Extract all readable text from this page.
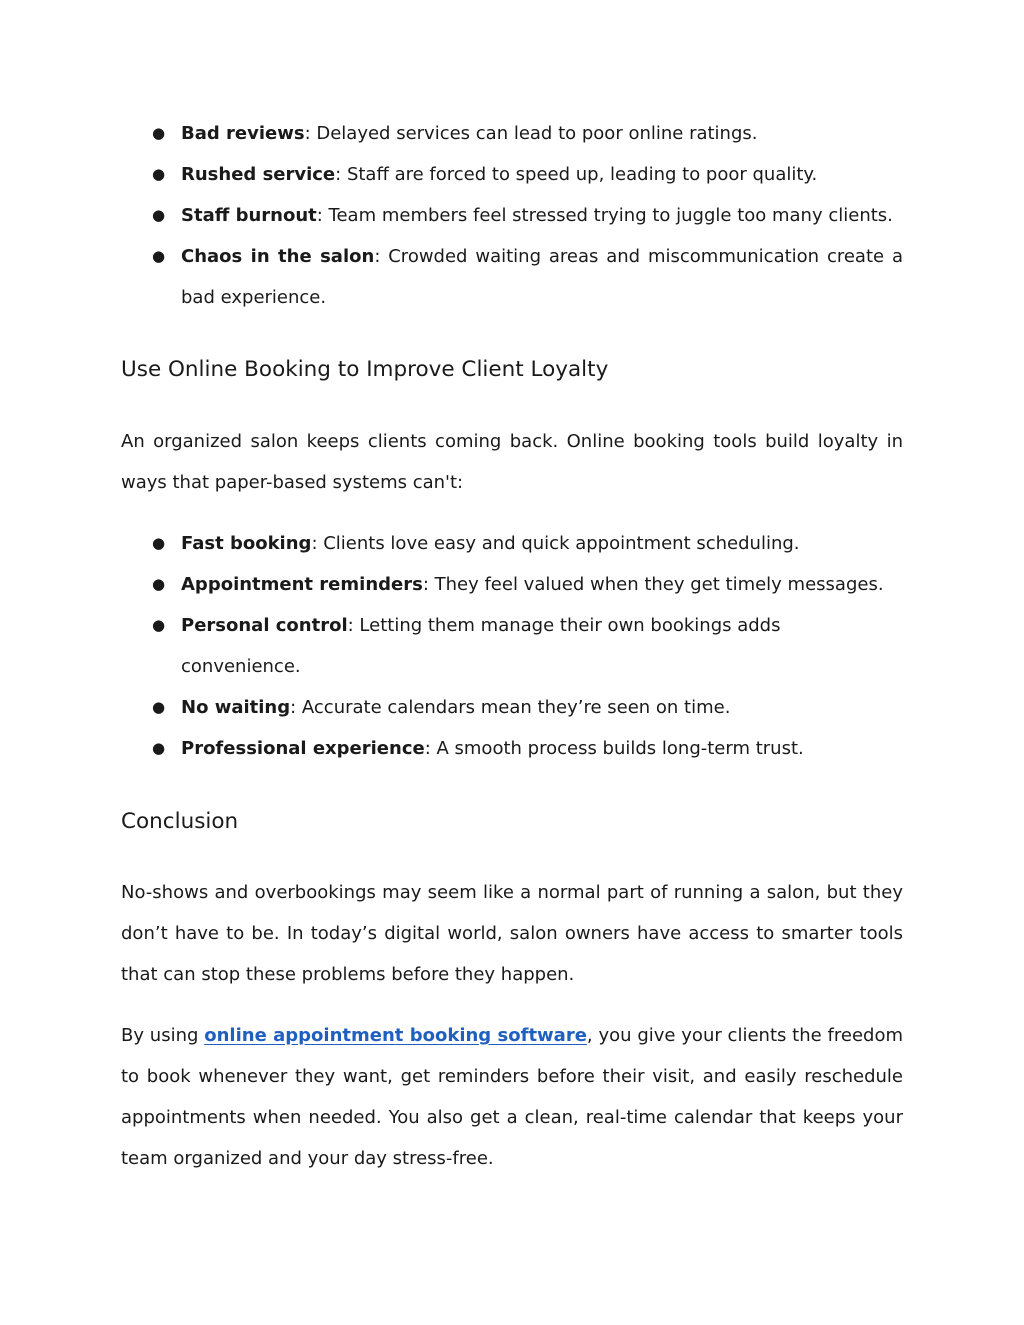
● Bad reviews: Delayed services can lead to poor online ratings.
● Rushed service: Staff are forced to speed up, leading to poor quality.
● Staff burnout: Team members feel stressed trying to juggle too many clients.
● Chaos in the salon: Crowded waiting areas and miscommunication create a bad experience.
Use Online Booking to Improve Client Loyalty

An organized salon keeps clients coming back. Online booking tools build loyalty in ways that paper-based systems can't:

● Fast booking: Clients love easy and quick appointment scheduling.
● Appointment reminders: They feel valued when they get timely messages.
● Personal control: Letting them manage their own bookings adds convenience.
● No waiting: Accurate calendars mean they’re seen on time.
● Professional experience: A smooth process builds long-term trust.
Conclusion

No-shows and overbookings may seem like a normal part of running a salon, but they don’t have to be. In today’s digital world, salon owners have access to smarter tools that can stop these problems before they happen.

By using online appointment booking software, you give your clients the freedom to book whenever they want, get reminders before their visit, and easily reschedule appointments when needed. You also get a clean, real-time calendar that keeps your team organized and your day stress-free.
